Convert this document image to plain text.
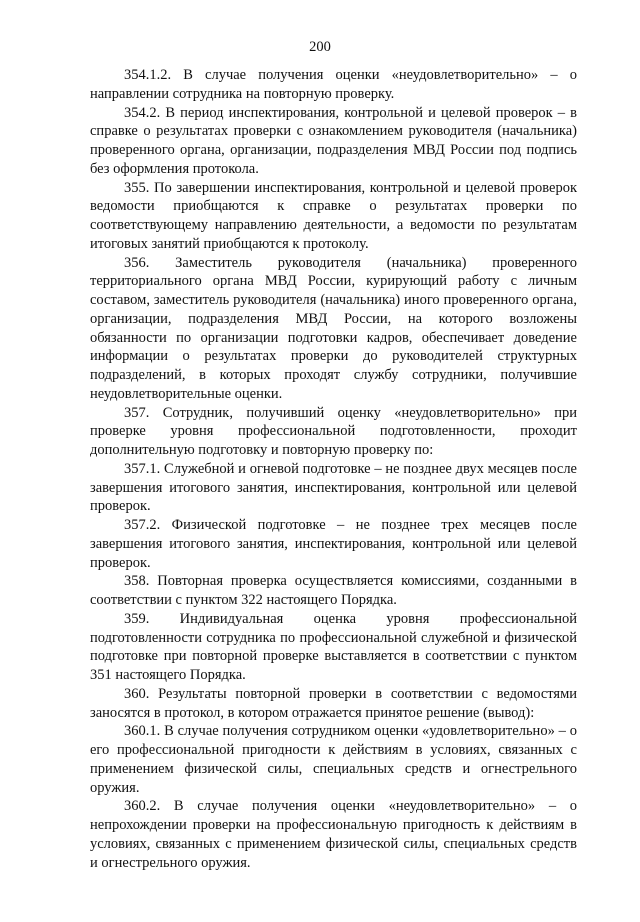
200

354.1.2. В случае получения оценки «неудовлетворительно» – о направлении сотрудника на повторную проверку.

354.2. В период инспектирования, контрольной и целевой проверок – в справке о результатах проверки с ознакомлением руководителя (начальника) проверенного органа, организации, подразделения МВД России под подпись без оформления протокола.

355. По завершении инспектирования, контрольной и целевой проверок ведомости приобщаются к справке о результатах проверки по соответствующему направлению деятельности, а ведомости по результатам итоговых занятий приобщаются к протоколу.

356. Заместитель руководителя (начальника) проверенного территориального органа МВД России, курирующий работу с личным составом, заместитель руководителя (начальника) иного проверенного органа, организации, подразделения МВД России, на которого возложены обязанности по организации подготовки кадров, обеспечивает доведение информации о результатах проверки до руководителей структурных подразделений, в которых проходят службу сотрудники, получившие неудовлетворительные оценки.

357. Сотрудник, получивший оценку «неудовлетворительно» при проверке уровня профессиональной подготовленности, проходит дополнительную подготовку и повторную проверку по:

357.1. Служебной и огневой подготовке – не позднее двух месяцев после завершения итогового занятия, инспектирования, контрольной или целевой проверок.

357.2. Физической подготовке – не позднее трех месяцев после завершения итогового занятия, инспектирования, контрольной или целевой проверок.

358. Повторная проверка осуществляется комиссиями, созданными в соответствии с пунктом 322 настоящего Порядка.

359. Индивидуальная оценка уровня профессиональной подготовленности сотрудника по профессиональной служебной и физической подготовке при повторной проверке выставляется в соответствии с пунктом 351 настоящего Порядка.

360. Результаты повторной проверки в соответствии с ведомостями заносятся в протокол, в котором отражается принятое решение (вывод):

360.1. В случае получения сотрудником оценки «удовлетворительно» – о его профессиональной пригодности к действиям в условиях, связанных с применением физической силы, специальных средств и огнестрельного оружия.

360.2. В случае получения оценки «неудовлетворительно» – о непрохождении проверки на профессиональную пригодность к действиям в условиях, связанных с применением физической силы, специальных средств и огнестрельного оружия.
